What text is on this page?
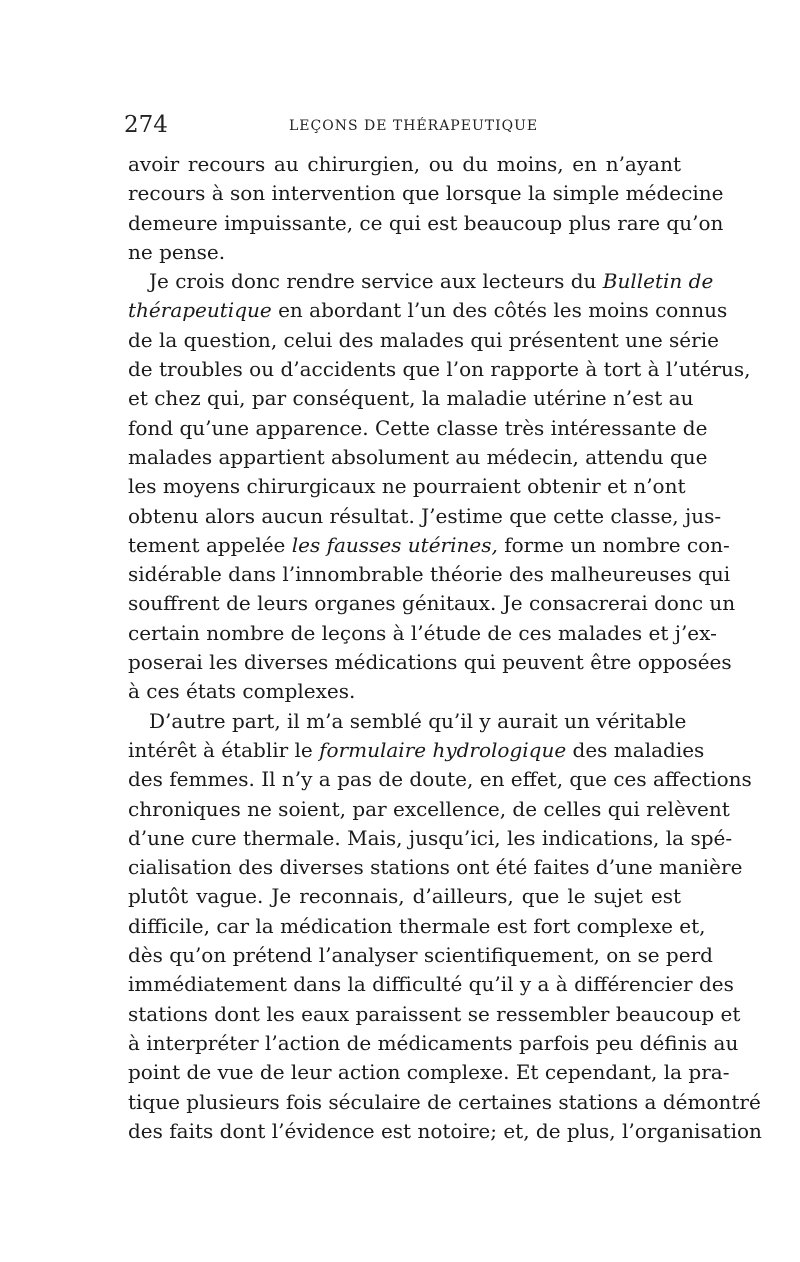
274	LEÇONS DE THÉRAPEUTIQUE
avoir recours au chirurgien, ou du moins, en n’ayant
recours à son intervention que lorsque la simple médecine
demeure impuissante, ce qui est beaucoup plus rare qu’on
ne pense.
Je crois donc rendre service aux lecteurs du Bulletin de
thérapeutique en abordant l’un des côtés les moins connus
de la question, celui des malades qui présentent une série
de troubles ou d’accidents que l’on rapporte à tort à l’utérus,
et chez qui, par conséquent, la maladie utérine n’est au
fond qu’une apparence. Cette classe très intéressante de
malades appartient absolument au médecin, attendu que
les moyens chirurgicaux ne pourraient obtenir et n’ont
obtenu alors aucun résultat. J’estime que cette classe, jus-
tement appelée les fausses utérines, forme un nombre con-
sidérable dans l’innombrable théorie des malheureuses qui
souffrent de leurs organes génitaux. Je consacrerai donc un
certain nombre de leçons à l’étude de ces malades et j’ex-
poserai les diverses médications qui peuvent être opposées
à ces états complexes.
D’autre part, il m’a semblé qu’il y aurait un véritable
intérêt à établir le formulaire hydrologique des maladies
des femmes. Il n’y a pas de doute, en effet, que ces affections
chroniques ne soient, par excellence, de celles qui relèvent
d’une cure thermale. Mais, jusqu’ici, les indications, la spé-
cialisation des diverses stations ont été faites d’une manière
plutôt vague. Je reconnais, d’ailleurs, que le sujet est
difficile, car la médication thermale est fort complexe et,
dès qu’on prétend l’analyser scientifiquement, on se perd
immédiatement dans la difficulté qu’il y a à différencier des
stations dont les eaux paraissent se ressembler beaucoup et
à interpréter l’action de médicaments parfois peu définis au
point de vue de leur action complexe. Et cependant, la pra-
tique plusieurs fois séculaire de certaines stations a démontré
des faits dont l’évidence est notoire; et, de plus, l’organisation
